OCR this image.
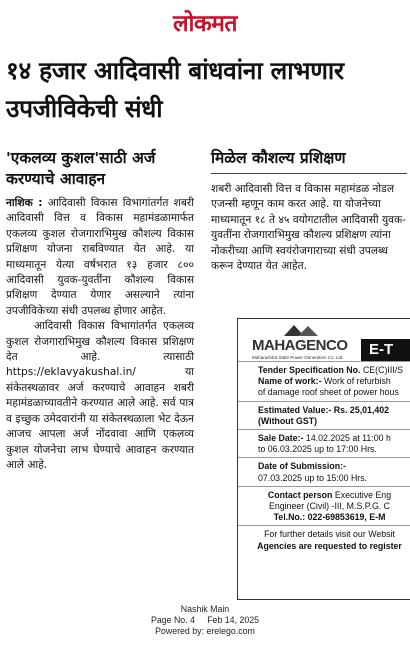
लोकमत
१४ हजार आदिवासी बांधवांना लाभणार उपजीविकेची संधी
'एकलव्य कुशल'साठी अर्ज करण्याचे आवाहन

नाशिक : आदिवासी विकास विभागांतर्गत शबरी आदिवासी वित्त व विकास महामंडळामार्फत एकलव्य कुशल रोजगाराभिमुख कौशल्य विकास प्रशिक्षण योजना राबविण्यात येत आहे. या माध्यमातून येत्या वर्षभरात १३ हजार ८०० आदिवासी युवक-युवतींना कौशल्य विकास प्रशिक्षण देण्यात येणार असल्याने त्यांना उपजीविकेच्या संधी उपलब्ध होणार आहेत.

आदिवासी विकास विभागांतर्गत एकलव्य कुशल रोजगाराभिमुख कौशल्य विकास प्रशिक्षण देत आहे. त्यासाठी https://eklavyakushal.in/ या संकेतस्थळावर अर्ज करण्याचे आवाहन शबरी महामंडळाच्यावतीने करण्यात आले आहे. सर्व पात्र व इच्छुक उमेदवारांनी या संकेतस्थळाला भेट देऊन आजच आपला अर्ज नोंदवावा आणि एकलव्य कुशल योजनेचा लाभ घेण्याचे आवाहन करण्यात आले आहे.

मिळेल कौशल्य प्रशिक्षण
शबरी आदिवासी वित्त व विकास महामंडळ नोडल एजन्सी म्हणून काम करत आहे. या योजनेच्या माध्यमातून १८ ते ४५ वयोगटातील आदिवासी युवक-युवतींना रोजगाराभिमुख कौशल्य प्रशिक्षण त्यांना नोकरीच्या आणि स्वयंरोजगाराच्या संधी उपलब्ध करून देण्यात येत आहेत.
MAHAGENCO
Maharashtra State Power Generation Co. Ltd.	E-T
Tender Specification No. CE(C)III/S
Name of work:- Work of refurbish
of damage roof sheet of power hous
Estimated Value:- Rs. 25,01,402
(Without GST)
Sale Date:- 14.02.2025 at 11:00 h
to 06.03.2025 up to 17:00 Hrs.
Date of Submission:-
07.03.2025 up to 15:00 Hrs.
Contact person Executive Eng
Engineer (Civil) -III, M.S.P.G. C
Tel.No.: 022-69853619, E-M
For further details visit our Websit
Agencies are requested to register
Nashik Main
Page No. 4     Feb 14, 2025
Powered by: erelego.com
